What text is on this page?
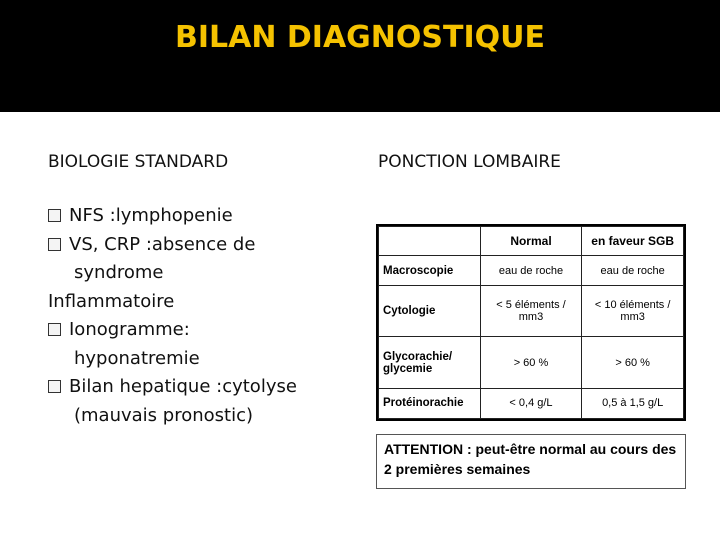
BILAN DIAGNOSTIQUE
BIOLOGIE STANDARD	PONCTION LOMBAIRE
NFS :lymphopenie
VS, CRP :absence de
syndrome
Inflammatoire
Ionogramme:
hyponatremie
Bilan hepatique :cytolyse
(mauvais pronostic)
	Normal	en faveur SGB
Macroscopie	eau de roche	eau de roche
Cytologie	< 5 éléments / mm3	< 10 éléments / mm3
Glycorachie/ glycemie	> 60 %	> 60 %
Protéinorachie	< 0,4 g/L	0,5 à 1,5 g/L
ATTENTION : peut-être normal au cours des 2 premières semaines
